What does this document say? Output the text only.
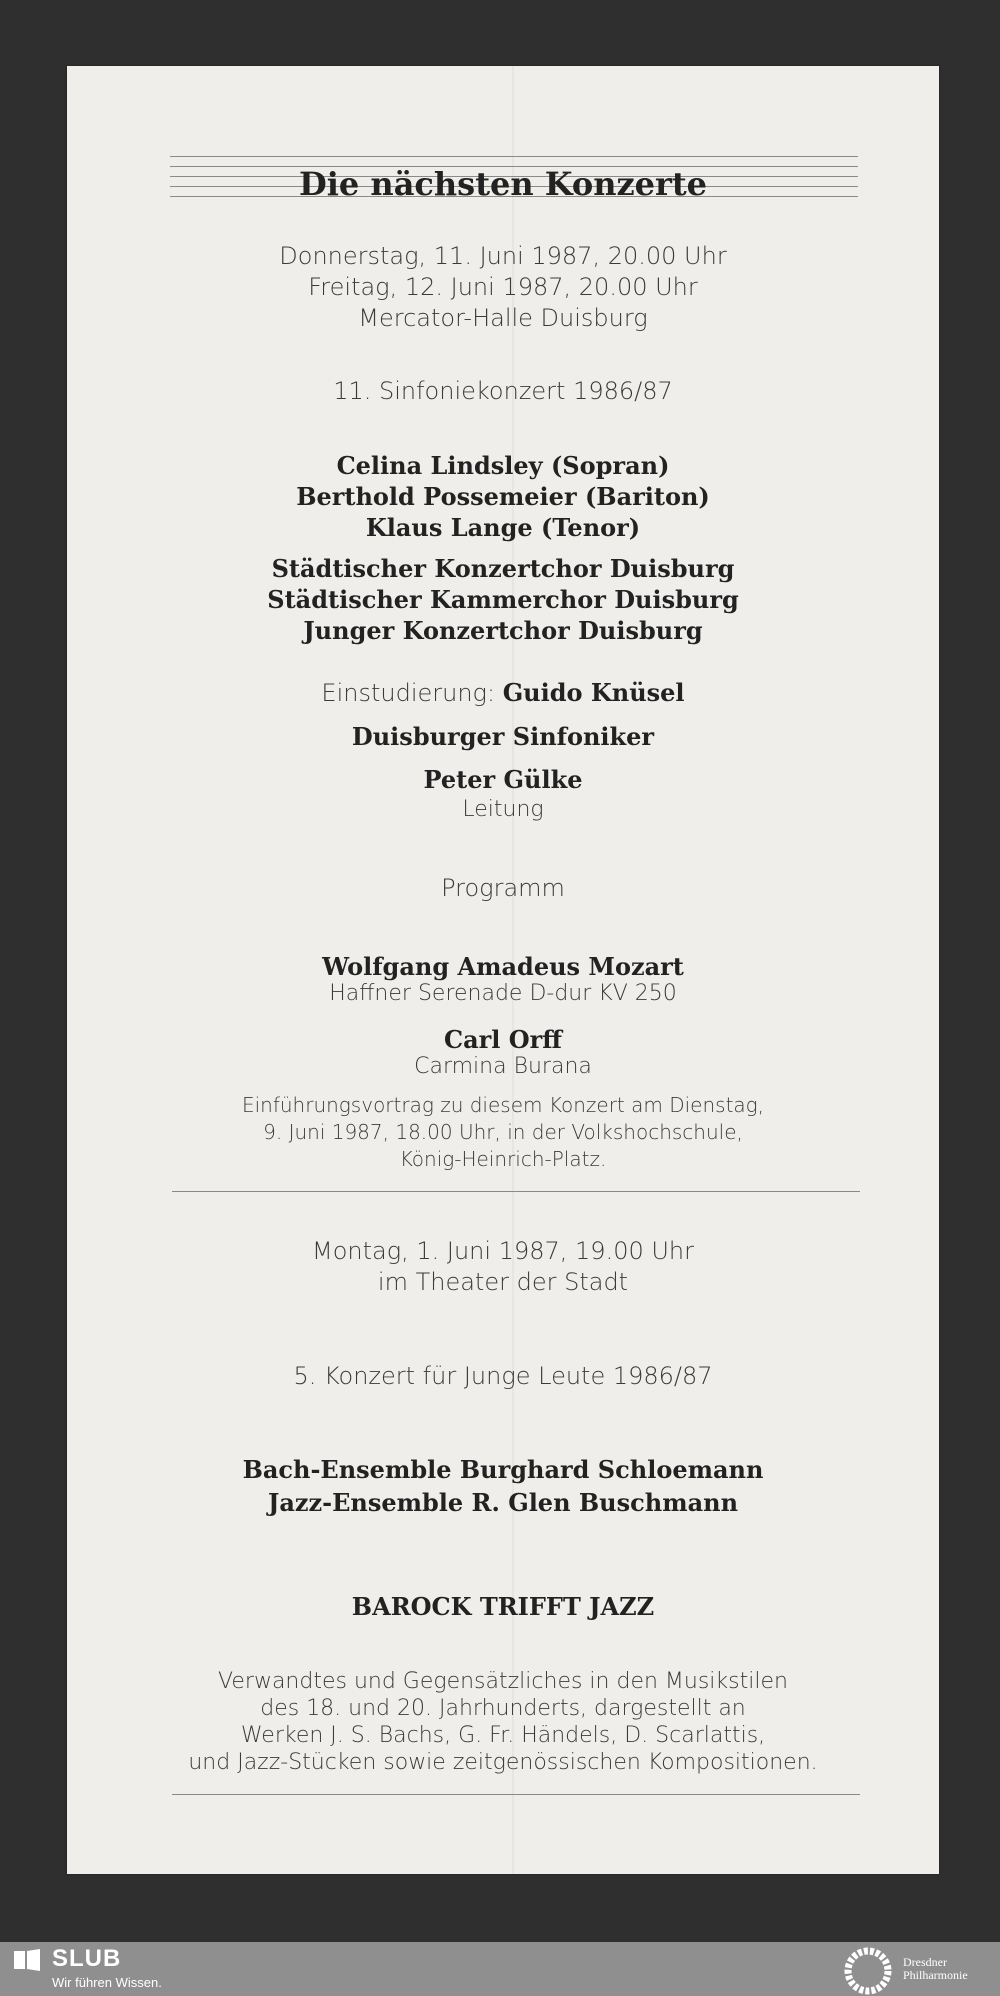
Die nächsten Konzerte
Donnerstag, 11. Juni 1987, 20.00 Uhr
Freitag, 12. Juni 1987, 20.00 Uhr
Mercator-Halle Duisburg
11. Sinfoniekonzert 1986/87
Celina Lindsley (Sopran)
Berthold Possemeier (Bariton)
Klaus Lange (Tenor)
Städtischer Konzertchor Duisburg
Städtischer Kammerchor Duisburg
Junger Konzertchor Duisburg
Einstudierung: Guido Knüsel
Duisburger Sinfoniker
Peter Gülke
Leitung
Programm
Wolfgang Amadeus Mozart
Haffner Serenade D-dur KV 250
Carl Orff
Carmina Burana
Einführungsvortrag zu diesem Konzert am Dienstag,
9. Juni 1987, 18.00 Uhr, in der Volkshochschule,
König-Heinrich-Platz.
Montag, 1. Juni 1987, 19.00 Uhr
im Theater der Stadt
5. Konzert für Junge Leute 1986/87
Bach-Ensemble Burghard Schloemann
Jazz-Ensemble R. Glen Buschmann
BAROCK TRIFFT JAZZ
Verwandtes und Gegensätzliches in den Musikstilen
des 18. und 20. Jahrhunderts, dargestellt an
Werken J. S. Bachs, G. Fr. Händels, D. Scarlattis,
und Jazz-Stücken sowie zeitgenössischen Kompositionen.
SLUB
Wir führen Wissen.
Dresdner
Philharmonie
